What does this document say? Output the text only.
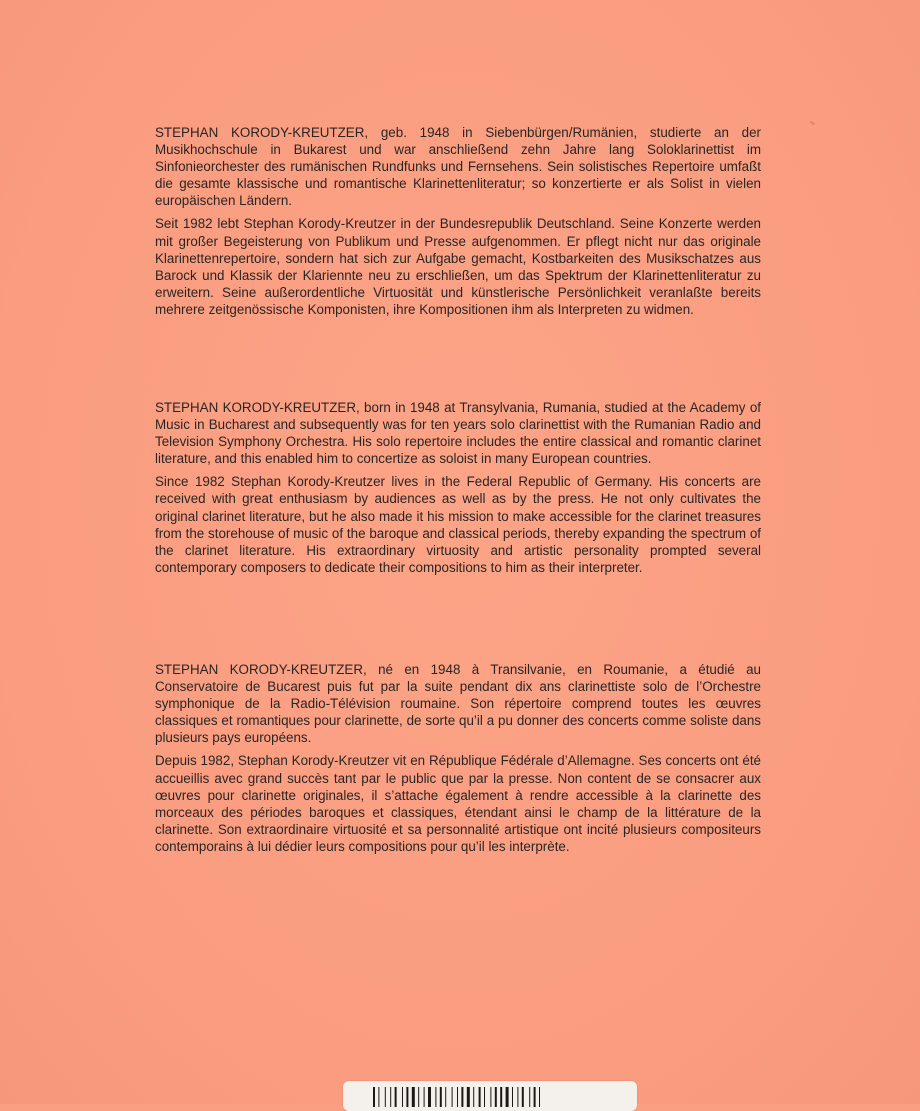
STEPHAN KORODY-KREUTZER, geb. 1948 in Siebenbürgen/Rumänien, studierte an der Musikhochschule in Bukarest und war anschließend zehn Jahre lang Soloklarinettist im Sinfonieorchester des rumänischen Rundfunks und Fernsehens. Sein solistisches Repertoire umfaßt die gesamte klassische und romantische Klarinettenliteratur; so konzertierte er als Solist in vielen europäischen Ländern.

Seit 1982 lebt Stephan Korody-Kreutzer in der Bundesrepublik Deutschland. Seine Konzerte werden mit großer Begeisterung von Publikum und Presse aufgenommen. Er pflegt nicht nur das originale Klarinettenrepertoire, sondern hat sich zur Aufgabe gemacht, Kostbarkeiten des Musikschatzes aus Barock und Klassik der Klariennte neu zu erschließen, um das Spektrum der Klarinettenliteratur zu erweitern. Seine außerordentliche Virtuosität und künstlerische Persönlichkeit veranlaßte bereits mehrere zeitgenössische Komponisten, ihre Kompositionen ihm als Interpreten zu widmen.

STEPHAN KORODY-KREUTZER, born in 1948 at Transylvania, Rumania, studied at the Academy of Music in Bucharest and subsequently was for ten years solo clarinettist with the Rumanian Radio and Television Symphony Orchestra. His solo repertoire includes the entire classical and romantic clarinet literature, and this enabled him to concertize as soloist in many European countries.

Since 1982 Stephan Korody-Kreutzer lives in the Federal Republic of Germany. His concerts are received with great enthusiasm by audiences as well as by the press. He not only cultivates the original clarinet literature, but he also made it his mission to make accessible for the clarinet treasures from the storehouse of music of the baroque and classical periods, thereby expanding the spectrum of the clarinet literature. His extraordinary virtuosity and artistic personality prompted several contemporary composers to dedicate their compositions to him as their interpreter.

STEPHAN KORODY-KREUTZER, né en 1948 à Transilvanie, en Roumanie, a étudié au Conservatoire de Bucarest puis fut par la suite pendant dix ans clarinettiste solo de l’Orchestre symphonique de la Radio-Télévision roumaine. Son répertoire comprend toutes les œuvres classiques et romantiques pour clarinette, de sorte qu’il a pu donner des concerts comme soliste dans plusieurs pays européens.

Depuis 1982, Stephan Korody-Kreutzer vit en République Fédérale d’Allemagne. Ses concerts ont été accueillis avec grand succès tant par le public que par la presse. Non content de se consacrer aux œuvres pour clarinette originales, il s’attache également à rendre accessible à la clarinette des morceaux des périodes baroques et classiques, étendant ainsi le champ de la littérature de la clarinette. Son extraordinaire virtuosité et sa personnalité artistique ont incité plusieurs compositeurs contemporains à lui dédier leurs compositions pour qu’il les interprète.
